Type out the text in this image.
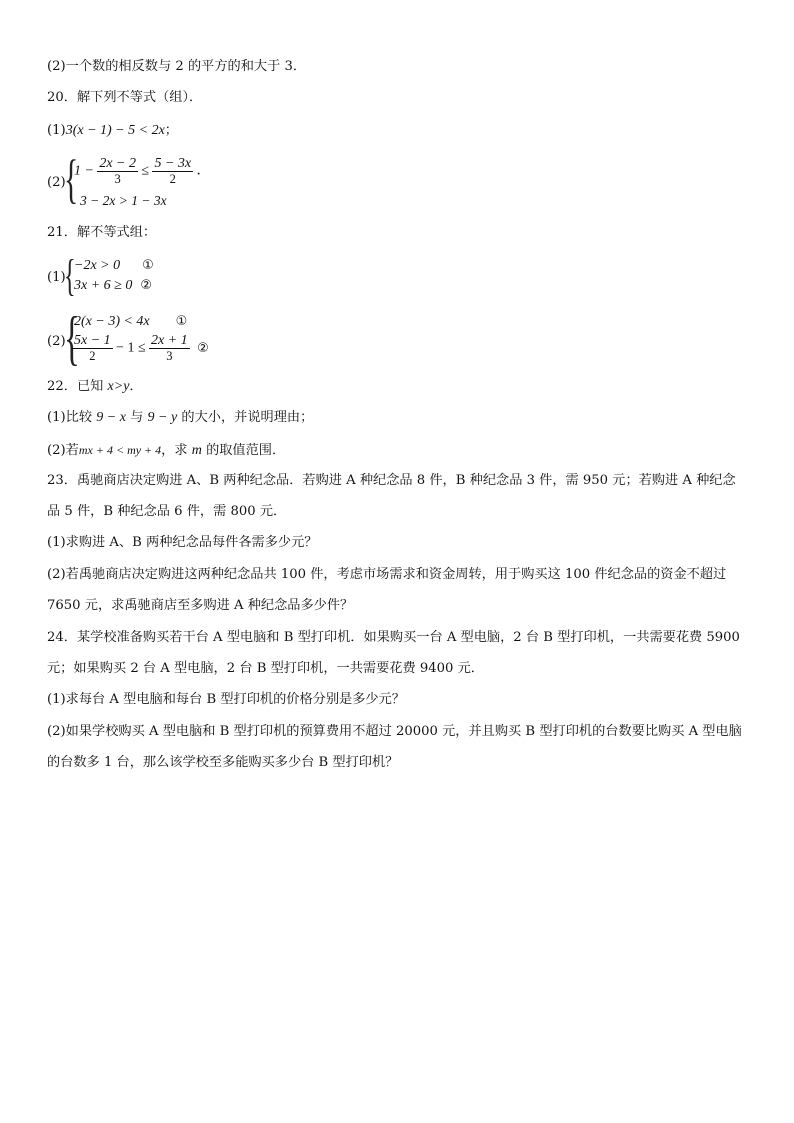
(2)一个数的相反数与 2 的平方的和大于 3．
20．解下列不等式（组）．
(1)3(x − 1) − 5 < 2x；
(2)
{
$1 - \frac{2x - 2}{3} \le \frac{5 - 3x}{2}$ ．
3 − 2x > 1 − 3x
21．解不等式组：
(1)
{
−2x > 0 ①
3x + 6 ≥ 0 ②
(2)
{
2(x − 3) < 4x ①
$\frac{5x - 1}{2} - 1 \le \frac{2x + 1}{3}$ ②
22．已知 x>y．
(1)比较 9 − x 与 9 − y 的大小，并说明理由；
(2)若mx + 4 < my + 4，求 m 的取值范围．
23．禹驰商店决定购进 A、B 两种纪念品．若购进 A 种纪念品 8 件，B 种纪念品 3 件，需 950 元；若购进 A 种纪念
品 5 件，B 种纪念品 6 件，需 800 元．
(1)求购进 A、B 两种纪念品每件各需多少元？
(2)若禹驰商店决定购进这两种纪念品共 100 件，考虑市场需求和资金周转，用于购买这 100 件纪念品的资金不超过
7650 元，求禹驰商店至多购进 A 种纪念品多少件？
24．某学校准备购买若干台 A 型电脑和 B 型打印机．如果购买一台 A 型电脑，2 台 B 型打印机，一共需要花费 5900
元；如果购买 2 台 A 型电脑，2 台 B 型打印机，一共需要花费 9400 元．
(1)求每台 A 型电脑和每台 B 型打印机的价格分别是多少元？
(2)如果学校购买 A 型电脑和 B 型打印机的预算费用不超过 20000 元，并且购买 B 型打印机的台数要比购买 A 型电脑
的台数多 1 台，那么该学校至多能购买多少台 B 型打印机？
